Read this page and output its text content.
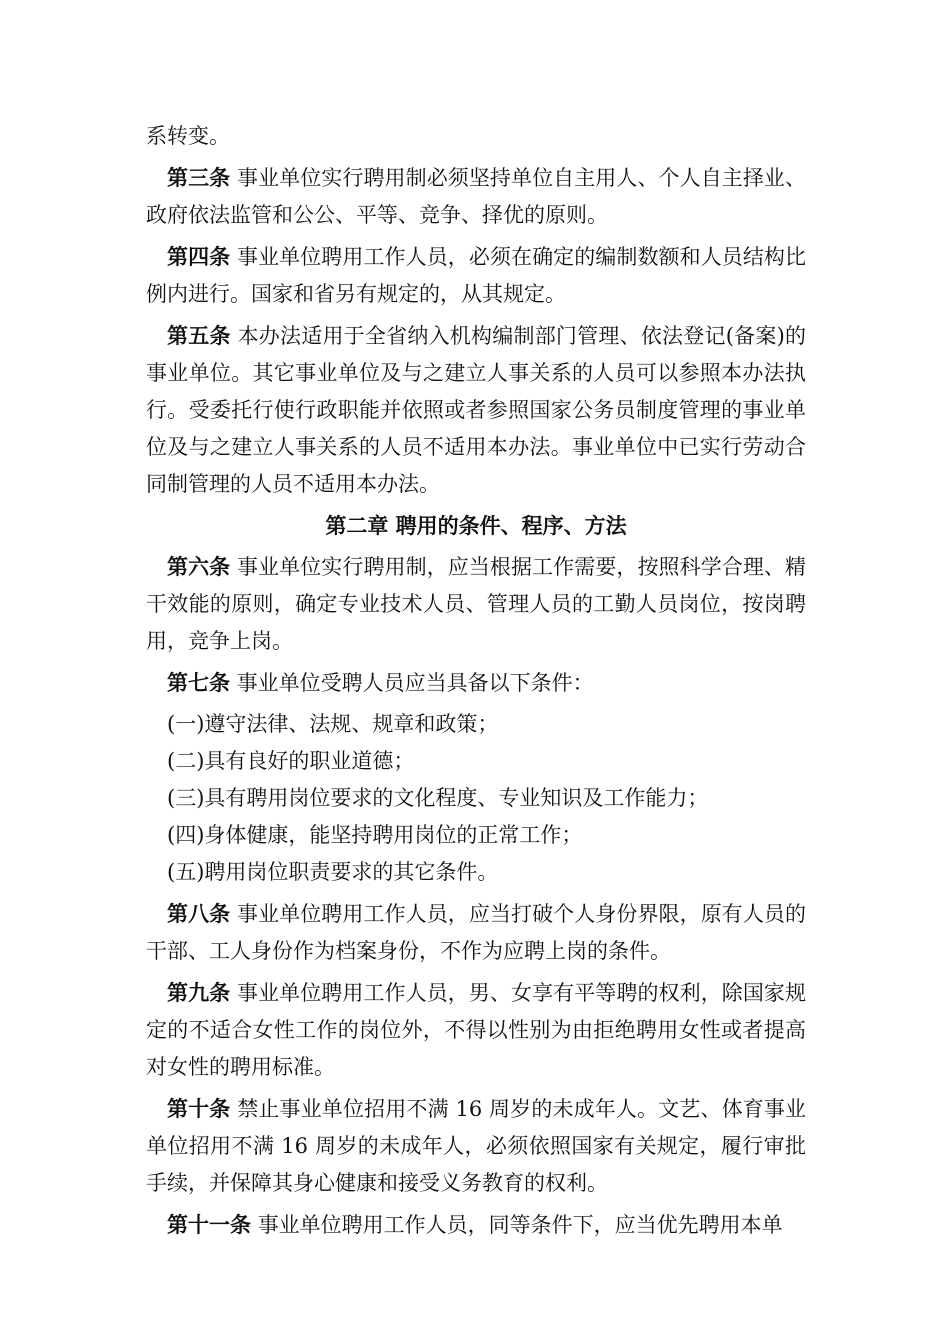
系转变。

第三条 事业单位实行聘用制必须坚持单位自主用人、个人自主择业、政府依法监管和公公、平等、竞争、择优的原则。

第四条 事业单位聘用工作人员，必须在确定的编制数额和人员结构比例内进行。国家和省另有规定的，从其规定。

第五条 本办法适用于全省纳入机构编制部门管理、依法登记(备案)的事业单位。其它事业单位及与之建立人事关系的人员可以参照本办法执行。受委托行使行政职能并依照或者参照国家公务员制度管理的事业单位及与之建立人事关系的人员不适用本办法。事业单位中已实行劳动合同制管理的人员不适用本办法。

第二章 聘用的条件、程序、方法

第六条 事业单位实行聘用制，应当根据工作需要，按照科学合理、精干效能的原则，确定专业技术人员、管理人员的工勤人员岗位，按岗聘用，竞争上岗。

第七条 事业单位受聘人员应当具备以下条件：

(一)遵守法律、法规、规章和政策；

(二)具有良好的职业道德；

(三)具有聘用岗位要求的文化程度、专业知识及工作能力；

(四)身体健康，能坚持聘用岗位的正常工作；

(五)聘用岗位职责要求的其它条件。

第八条 事业单位聘用工作人员，应当打破个人身份界限，原有人员的干部、工人身份作为档案身份，不作为应聘上岗的条件。

第九条 事业单位聘用工作人员，男、女享有平等聘的权利，除国家规定的不适合女性工作的岗位外，不得以性别为由拒绝聘用女性或者提高对女性的聘用标准。

第十条 禁止事业单位招用不满 16 周岁的未成年人。文艺、体育事业单位招用不满 16 周岁的未成年人，必须依照国家有关规定，履行审批手续，并保障其身心健康和接受义务教育的权利。

第十一条 事业单位聘用工作人员，同等条件下，应当优先聘用本单
